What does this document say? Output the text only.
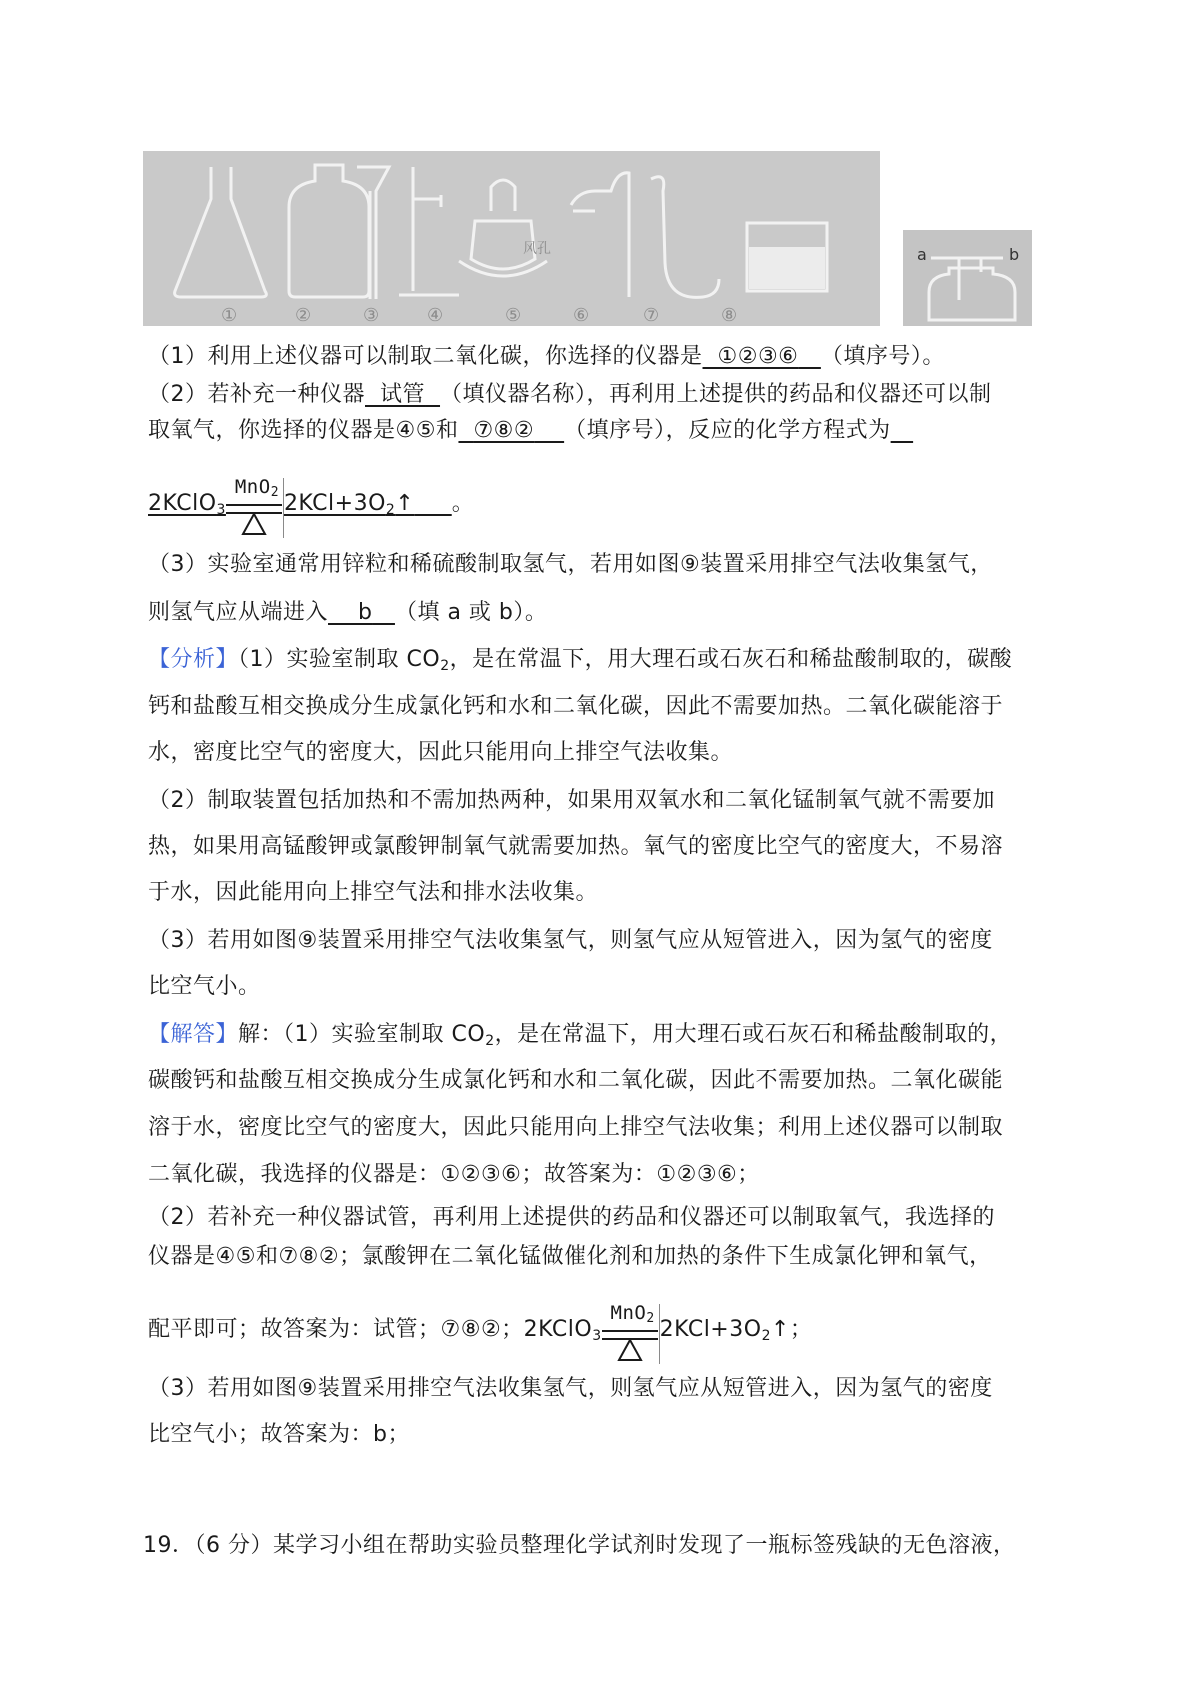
①	②	③	④	⑤	⑥	⑦	⑧
风孔	a	b
（1）利用上述仪器可以制取二氧化碳，你选择的仪器是 ①②③⑥ （填序号）。
（2）若补充一种仪器 试管 （填仪器名称），再利用上述提供的药品和仪器还可以制
取氧气，你选择的仪器是④⑤和 ⑦⑧② （填序号），反应的化学方程式为
2KClO$_3$
MnO$_2$ $2KCl+3O_2↑$ 。
（3）实验室通常用锌粒和稀硫酸制取氢气，若用如图⑨装置采用排空气法收集氢气，
则氢气应从端进入 b （填 a 或 b）。
【分析】（1）实验室制取 $CO_2$，是在常温下，用大理石或石灰石和稀盐酸制取的，碳酸
钙和盐酸互相交换成分生成氯化钙和水和二氧化碳，因此不需要加热。二氧化碳能溶于
水，密度比空气的密度大，因此只能用向上排空气法收集。
（2）制取装置包括加热和不需加热两种，如果用双氧水和二氧化锰制氧气就不需要加
热，如果用高锰酸钾或氯酸钾制氧气就需要加热。氧气的密度比空气的密度大，不易溶
于水，因此能用向上排空气法和排水法收集。
（3）若用如图⑨装置采用排空气法收集氢气，则氢气应从短管进入，因为氢气的密度
比空气小。
【解答】解：（1）实验室制取 $CO_2$，是在常温下，用大理石或石灰石和稀盐酸制取的，
碳酸钙和盐酸互相交换成分生成氯化钙和水和二氧化碳，因此不需要加热。二氧化碳能
溶于水，密度比空气的密度大，因此只能用向上排空气法收集；利用上述仪器可以制取
二氧化碳，我选择的仪器是：①②③⑥；故答案为：①②③⑥；
（2）若补充一种仪器试管，再利用上述提供的药品和仪器还可以制取氧气，我选择的
仪器是④⑤和⑦⑧②；氯酸钾在二氧化锰做催化剂和加热的条件下生成氯化钾和氧气，
配平即可；故答案为：试管；⑦⑧②；2KClO$_3$
MnO$_2$ $2KCl+3O_2↑$；
（3）若用如图⑨装置采用排空气法收集氢气，则氢气应从短管进入，因为氢气的密度
比空气小；故答案为：b；
19．（6 分）某学习小组在帮助实验员整理化学试剂时发现了一瓶标签残缺的无色溶液，
